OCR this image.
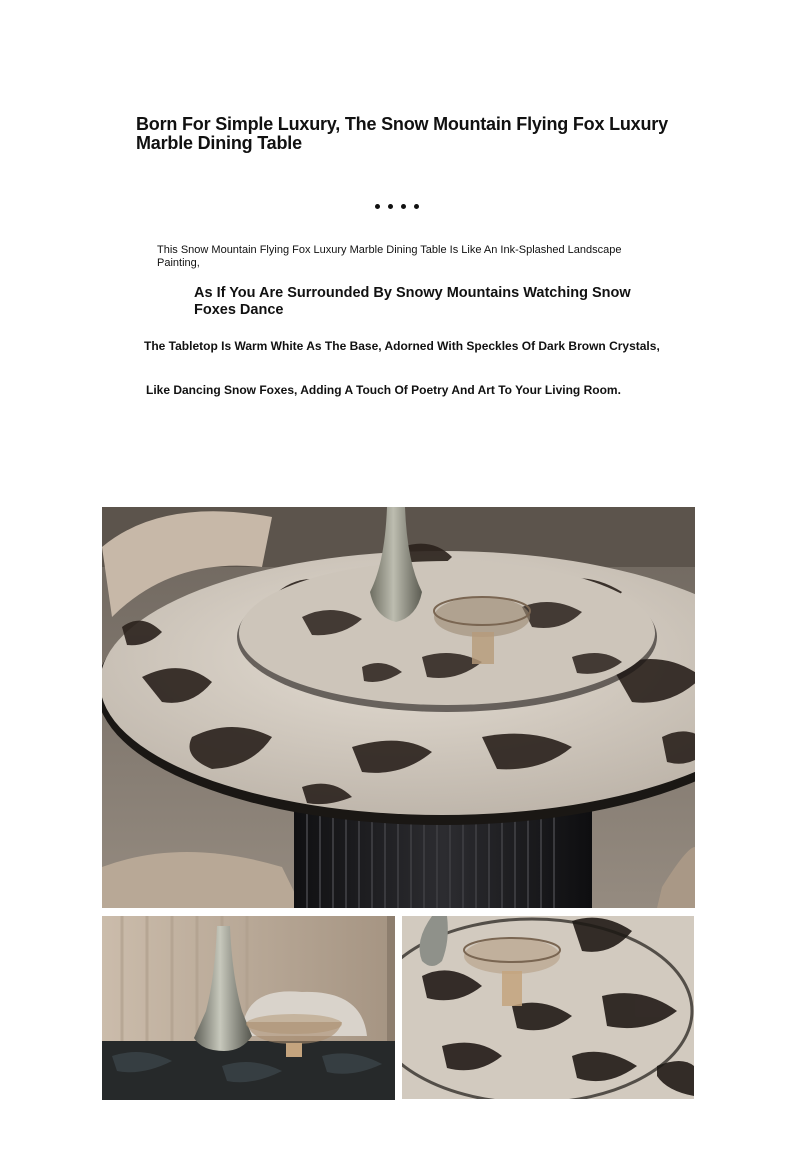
Born For Simple Luxury, The Snow Mountain Flying Fox Luxury Marble Dining Table
This Snow Mountain Flying Fox Luxury Marble Dining Table Is Like An Ink-Splashed Landscape Painting,
As If You Are Surrounded By Snowy Mountains Watching Snow Foxes Dance
The Tabletop Is Warm White As The Base, Adorned With Speckles Of Dark Brown Crystals,
Like Dancing Snow Foxes, Adding A Touch Of Poetry And Art To Your Living Room.
